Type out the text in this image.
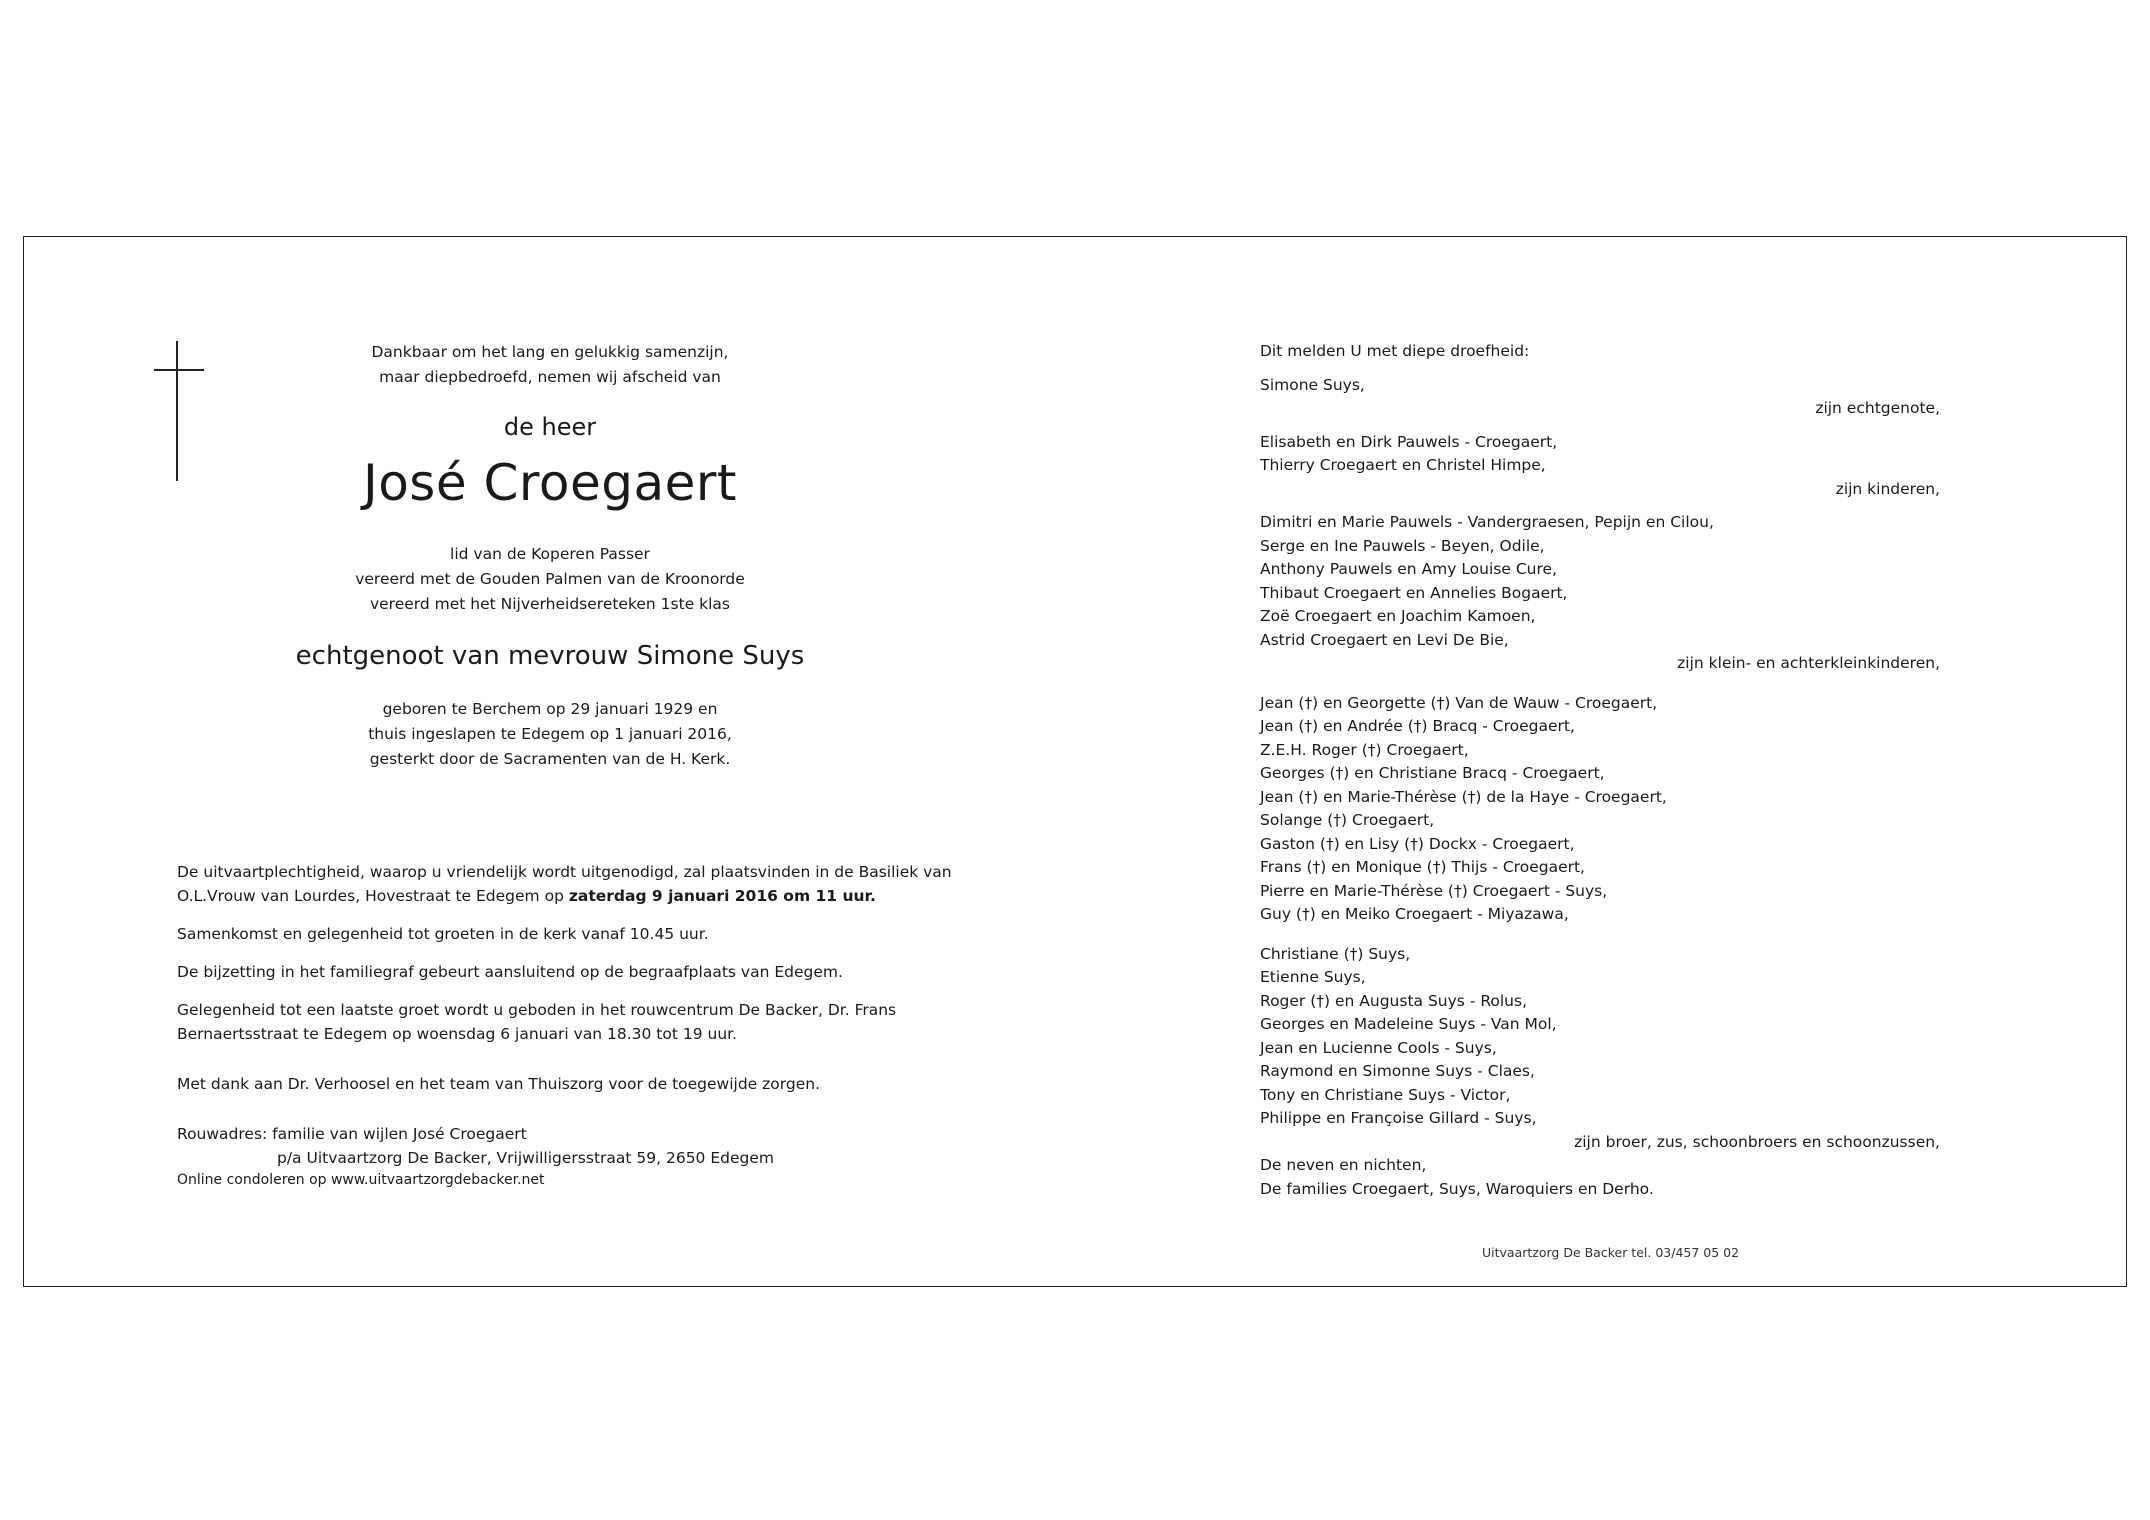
Dankbaar om het lang en gelukkig samenzijn,

maar diepbedroefd, nemen wij afscheid van

de heer

José Croegaert

lid van de Koperen Passer

vereerd met de Gouden Palmen van de Kroonorde

vereerd met het Nijverheidsereteken 1ste klas

echtgenoot van mevrouw Simone Suys

geboren te Berchem op 29 januari 1929 en

thuis ingeslapen te Edegem op 1 januari 2016,

gesterkt door de Sacramenten van de H. Kerk.

De uitvaartplechtigheid, waarop u vriendelijk wordt uitgenodigd, zal plaatsvinden in de Basiliek van O.L.Vrouw van Lourdes, Hovestraat te Edegem op zaterdag 9 januari 2016 om 11 uur.

Samenkomst en gelegenheid tot groeten in de kerk vanaf 10.45 uur.

De bijzetting in het familiegraf gebeurt aansluitend op de begraafplaats van Edegem.

Gelegenheid tot een laatste groet wordt u geboden in het rouwcentrum De Backer, Dr. Frans Bernaertsstraat te Edegem op woensdag 6 januari van 18.30 tot 19 uur.

Met dank aan Dr. Verhoosel en het team van Thuiszorg voor de toegewijde zorgen.

Rouwadres: familie van wijlen José Croegaert

p/a Uitvaartzorg De Backer, Vrijwilligersstraat 59, 2650 Edegem

Online condoleren op www.uitvaartzorgdebacker.net

Dit melden U met diepe droefheid:

Simone Suys,

zijn echtgenote,

Elisabeth en Dirk Pauwels - Croegaert,

Thierry Croegaert en Christel Himpe,

zijn kinderen,

Dimitri en Marie Pauwels - Vandergraesen, Pepijn en Cilou,

Serge en Ine Pauwels - Beyen, Odile,

Anthony Pauwels en Amy Louise Cure,

Thibaut Croegaert en Annelies Bogaert,

Zoë Croegaert en Joachim Kamoen,

Astrid Croegaert en Levi De Bie,

zijn klein- en achterkleinkinderen,

Jean (†) en Georgette (†) Van de Wauw - Croegaert,

Jean (†) en Andrée (†) Bracq - Croegaert,

Z.E.H. Roger (†) Croegaert,

Georges (†) en Christiane Bracq - Croegaert,

Jean (†) en Marie-Thérèse (†) de la Haye - Croegaert,

Solange (†) Croegaert,

Gaston (†) en Lisy (†) Dockx - Croegaert,

Frans (†) en Monique (†) Thijs - Croegaert,

Pierre en Marie-Thérèse (†) Croegaert - Suys,

Guy (†) en Meiko Croegaert - Miyazawa,

Christiane (†) Suys,

Etienne Suys,

Roger (†) en Augusta Suys - Rolus,

Georges en Madeleine Suys - Van Mol,

Jean en Lucienne Cools - Suys,

Raymond en Simonne Suys - Claes,

Tony en Christiane Suys - Victor,

Philippe en Françoise Gillard - Suys,

zijn broer, zus, schoonbroers en schoonzussen,

De neven en nichten,

De families Croegaert, Suys, Waroquiers en Derho.

Uitvaartzorg De Backer tel. 03/457 05 02
